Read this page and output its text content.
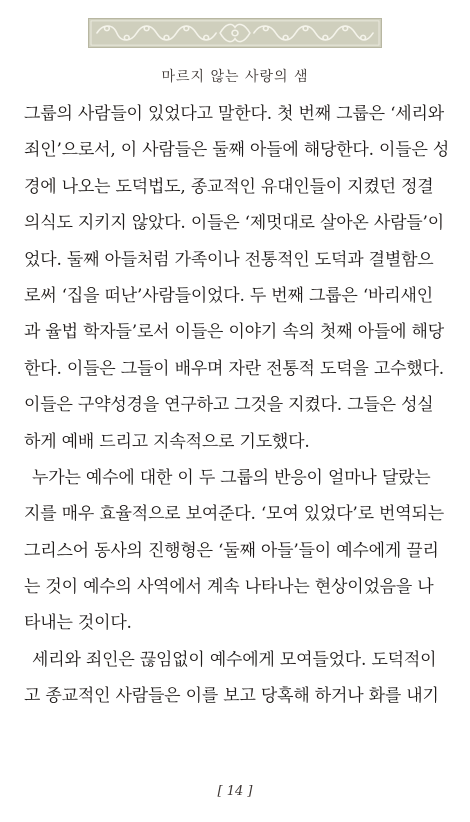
마르지 않는 사랑의 샘
그룹의 사람들이 있었다고 말한다. 첫 번째 그룹은 ‘세리와
죄인’으로서, 이 사람들은 둘째 아들에 해당한다. 이들은 성
경에 나오는 도덕법도, 종교적인 유대인들이 지켰던 정결
의식도 지키지 않았다. 이들은 ‘제멋대로 살아온 사람들’이
었다. 둘째 아들처럼 가족이나 전통적인 도덕과 결별함으
로써 ‘집을 떠난’사람들이었다. 두 번째 그룹은 ‘바리새인
과 율법 학자들’로서 이들은 이야기 속의 첫째 아들에 해당
한다. 이들은 그들이 배우며 자란 전통적 도덕을 고수했다.
이들은 구약성경을 연구하고 그것을 지켰다. 그들은 성실
하게 예배 드리고 지속적으로 기도했다.
누가는 예수에 대한 이 두 그룹의 반응이 얼마나 달랐는
지를 매우 효율적으로 보여준다. ‘모여 있었다’로 번역되는
그리스어 동사의 진행형은 ‘둘째 아들’들이 예수에게 끌리
는 것이 예수의 사역에서 계속 나타나는 현상이었음을 나
타내는 것이다.
세리와 죄인은 끊임없이 예수에게 모여들었다. 도덕적이
고 종교적인 사람들은 이를 보고 당혹해 하거나 화를 내기
[ 14 ]
